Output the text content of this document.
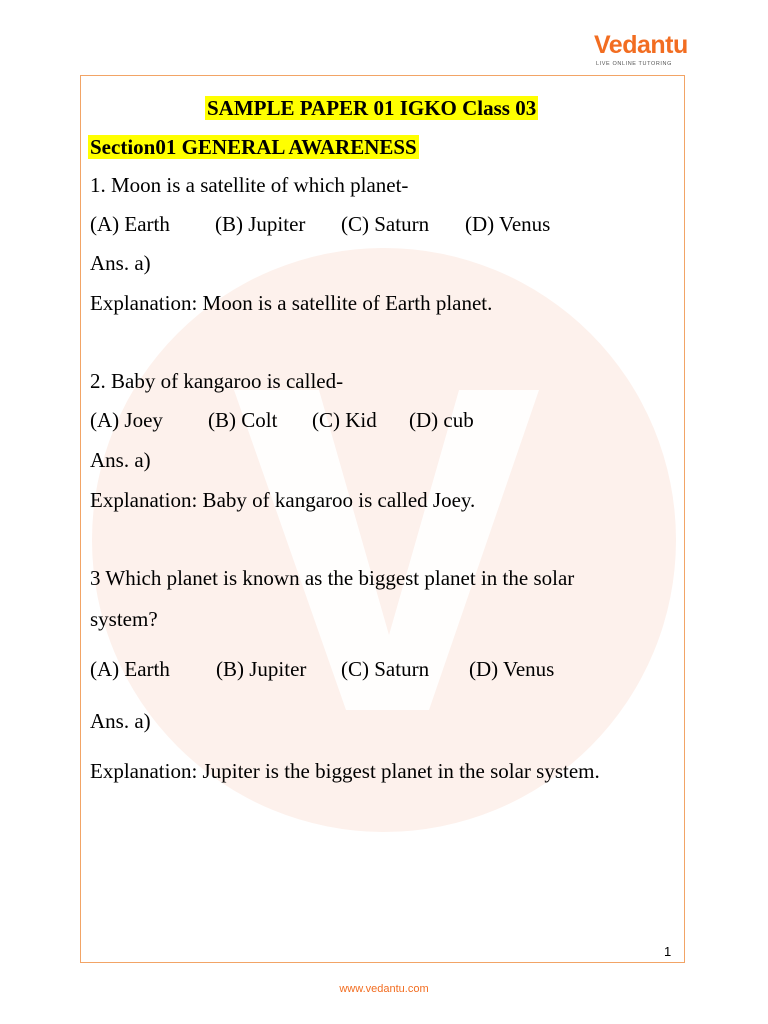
Vedantu
LIVE ONLINE TUTORING
SAMPLE PAPER 01 IGKO Class 03
Section01 GENERAL AWARENESS
1. Moon is a satellite of which planet-
(A) Earth (B) Jupiter (C) Saturn (D) Venus
Ans. a)
Explanation: Moon is a satellite of Earth planet.
2. Baby of kangaroo is called-
(A) Joey (B) Colt (C) Kid (D) cub
Ans. a)
Explanation: Baby of kangaroo is called Joey.
3 Which planet is known as the biggest planet in the solar
system?
(A) Earth (B) Jupiter (C) Saturn (D) Venus
Ans. a)
Explanation: Jupiter is the biggest planet in the solar system.
1
www.vedantu.com
